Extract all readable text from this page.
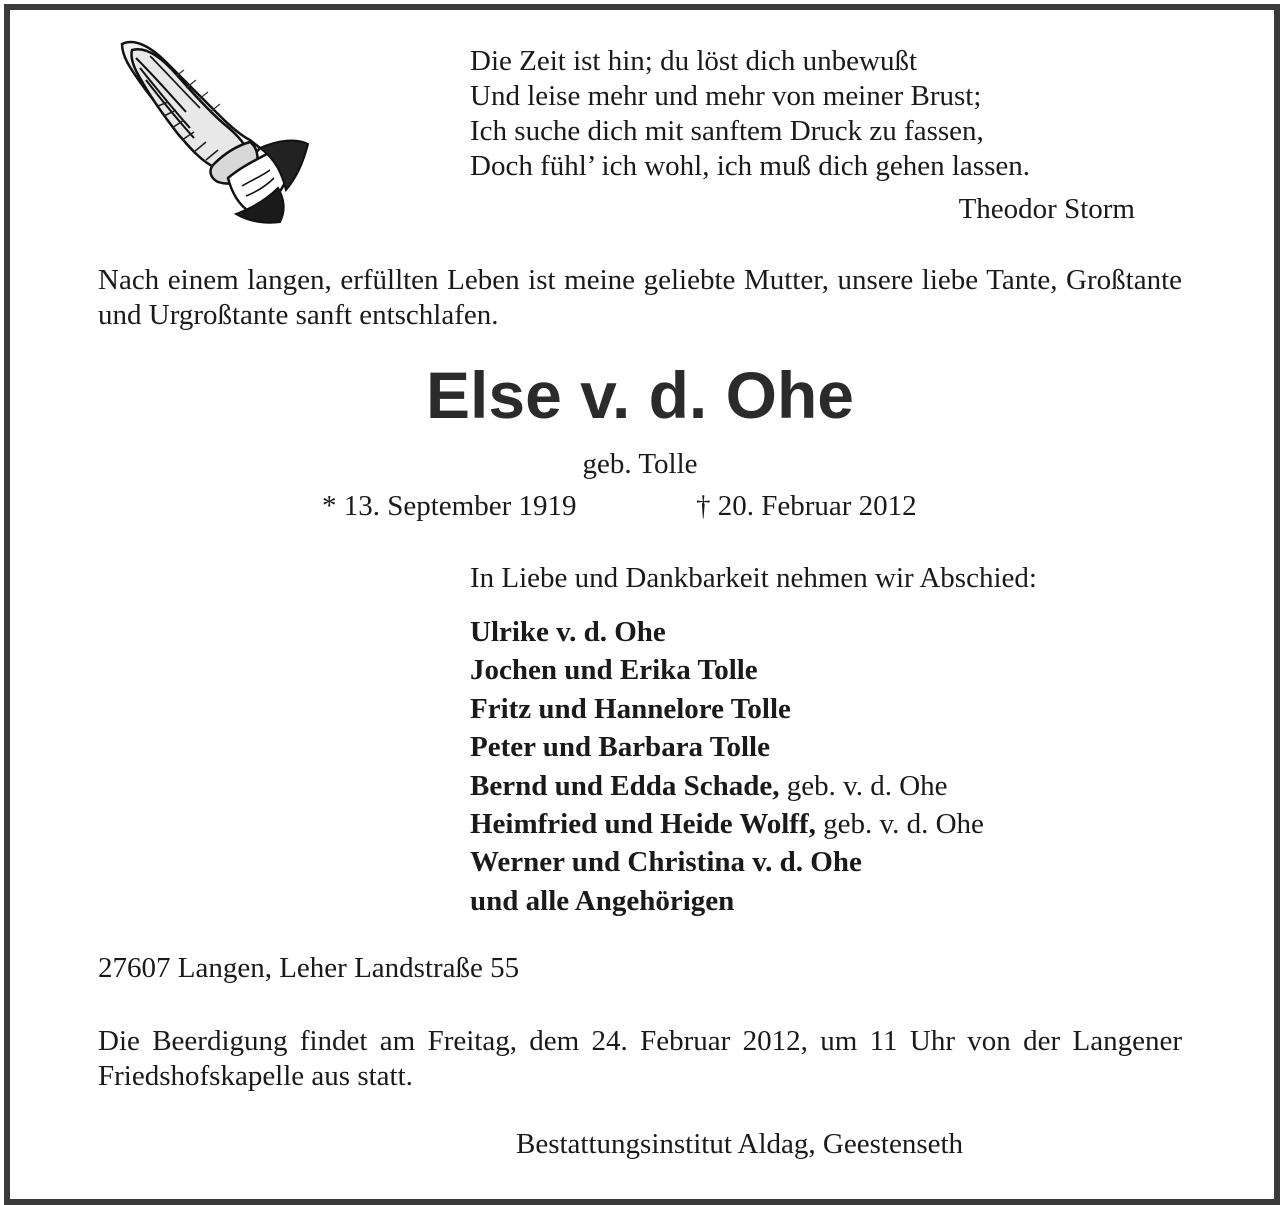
Die Zeit ist hin; du löst dich unbewußt
Und leise mehr und mehr von meiner Brust;
Ich suche dich mit sanftem Druck zu fassen,
Doch fühl’ ich wohl, ich muß dich gehen lassen.
Theodor Storm
Nach einem langen, erfüllten Leben ist meine geliebte Mutter, unsere liebe Tante, Großtante und Urgroßtante sanft entschlafen.
Else v. d. Ohe
geb. Tolle
* 13. September 1919	† 20. Februar 2012
In Liebe und Dankbarkeit nehmen wir Abschied:
Ulrike v. d. Ohe
Jochen und Erika Tolle
Fritz und Hannelore Tolle
Peter und Barbara Tolle
Bernd und Edda Schade, geb. v. d. Ohe
Heimfried und Heide Wolff, geb. v. d. Ohe
Werner und Christina v. d. Ohe
und alle Angehörigen
27607 Langen, Leher Landstraße 55
Die Beerdigung findet am Freitag, dem 24. Februar 2012, um 11 Uhr von der Langener Friedshofskapelle aus statt.
Bestattungsinstitut Aldag, Geestenseth
